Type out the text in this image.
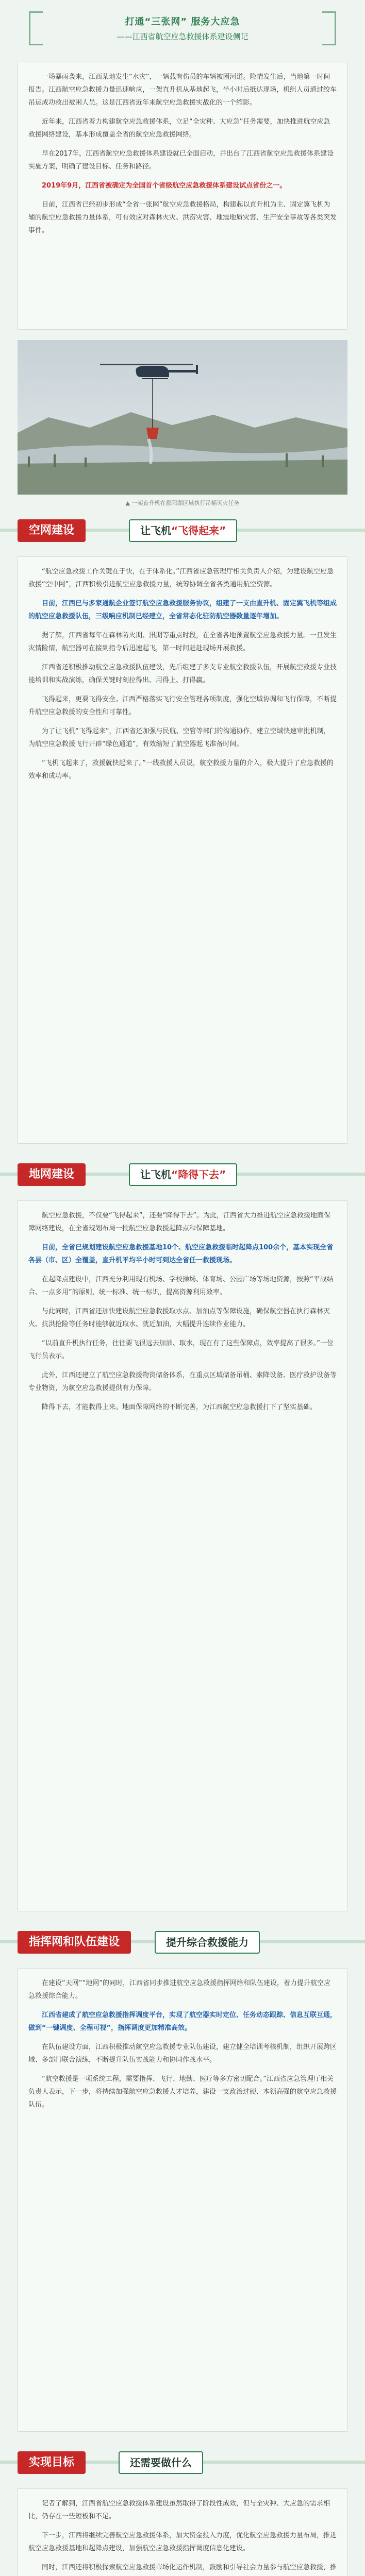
打通“三张网” 服务大应急
——江西省航空应急救援体系建设侧记

一场暴雨袭来，江西某地发生“水灾”，一辆载有伤员的车辆被困河道。险情发生后，当地第一时间报告。江西航空应急救援力量迅速响应，一架直升机从基地起飞，半小时后抵达现场，机组人员通过绞车吊运成功救出被困人员。这是江西省近年来航空应急救援实战化的一个缩影。

近年来，江西省着力构建航空应急救援体系，立足“全灾种、大应急”任务需要，加快推进航空应急救援网络建设，基本形成覆盖全省的航空应急救援网络。

早在2017年，江西省航空应急救援体系建设就已全面启动，并出台了江西省航空应急救援体系建设实施方案，明确了建设目标、任务和路径。

2019年9月，江西省被确定为全国首个省级航空应急救援体系建设试点省份之一。

目前，江西省已经初步形成“全省一张网”航空应急救援格局，构建起以直升机为主、固定翼飞机为辅的航空应急救援力量体系，可有效应对森林火灾、洪涝灾害、地震地质灾害、生产安全事故等各类突发事件。

▲ 一架直升机在鄱阳湖区域执行吊桶灭火任务
空网建设	让飞机“飞得起来”

“航空应急救援工作关键在于快，在于体系化。”江西省应急管理厅相关负责人介绍，为建设航空应急救援“空中网”，江西积极引进航空应急救援力量，统筹协调全省各类通用航空资源。

目前，江西已与多家通航企业签订航空应急救援服务协议，组建了一支由直升机、固定翼飞机等组成的航空应急救援队伍，三级响应机制已经建立，全省常态化驻防航空器数量逐年增加。

据了解，江西省每年在森林防火期、汛期等重点时段，在全省各地预置航空应急救援力量。一旦发生灾情险情，航空器可在接到指令后迅速起飞，第一时间赶赴现场开展救援。

江西省还积极推动航空应急救援队伍建设，先后组建了多支专业航空救援队伍，开展航空救援专业技能培训和实战演练，确保关键时刻拉得出、用得上、打得赢。

飞得起来，更要飞得安全。江西严格落实飞行安全管理各项制度，强化空域协调和飞行保障，不断提升航空应急救援的安全性和可靠性。

为了让飞机“飞得起来”，江西省还加强与民航、空管等部门的沟通协作，建立空域快速审批机制，为航空应急救援飞行开辟“绿色通道”，有效缩短了航空器起飞准备时间。

“飞机飞起来了，救援就快起来了。”一线救援人员说，航空救援力量的介入，极大提升了应急救援的效率和成功率。

地网建设	让飞机“降得下去”

航空应急救援，不仅要“飞得起来”，还要“降得下去”。为此，江西省大力推进航空应急救援地面保障网络建设，在全省规划布局一批航空应急救援起降点和保障基地。

目前，全省已规划建设航空应急救援基地10个、航空应急救援临时起降点100余个，基本实现全省各县（市、区）全覆盖，直升机平均半小时可到达全省任一救援现场。

在起降点建设中，江西充分利用现有机场、学校操场、体育场、公园广场等场地资源，按照“平战结合、一点多用”的原则，统一标准、统一标识，提高资源利用效率。

与此同时，江西省还加快建设航空应急救援取水点、加油点等保障设施，确保航空器在执行森林灭火、抗洪抢险等任务时能够就近取水、就近加油，大幅提升连续作业能力。

“以前直升机执行任务，往往要飞很远去加油、取水，现在有了这些保障点，效率提高了很多。”一位飞行员表示。

此外，江西还建立了航空应急救援物资储备体系，在重点区域储备吊桶、索降设备、医疗救护设备等专业物资，为航空应急救援提供有力保障。

降得下去，才能救得上来。地面保障网络的不断完善，为江西航空应急救援打下了坚实基础。

指挥网和队伍建设	提升综合救援能力

在建设“天网”“地网”的同时，江西省同步推进航空应急救援指挥网络和队伍建设，着力提升航空应急救援综合能力。

江西省建成了航空应急救援指挥调度平台，实现了航空器实时定位、任务动态跟踪、信息互联互通，做到“一键调度、全程可视”，指挥调度更加精准高效。

在队伍建设方面，江西积极推动航空应急救援专业队伍建设，建立健全培训考核机制，组织开展跨区域、多部门联合演练，不断提升队伍实战能力和协同作战水平。

“航空救援是一项系统工程，需要指挥、飞行、地勤、医疗等多方密切配合。”江西省应急管理厅相关负责人表示，下一步，将持续加强航空应急救援人才培养，建设一支政治过硬、本领高强的航空应急救援队伍。

实现目标	还需要做什么

记者了解到，江西省航空应急救援体系建设虽然取得了阶段性成效，但与全灾种、大应急的需求相比，仍存在一些短板和不足。

下一步，江西将继续完善航空应急救援体系，加大资金投入力度，优化航空应急救援力量布局，推进航空应急救援基地和起降点建设，加强航空应急救援指挥调度信息化建设。

同时，江西还将积极探索航空应急救援市场化运作机制，鼓励和引导社会力量参与航空应急救援，推
